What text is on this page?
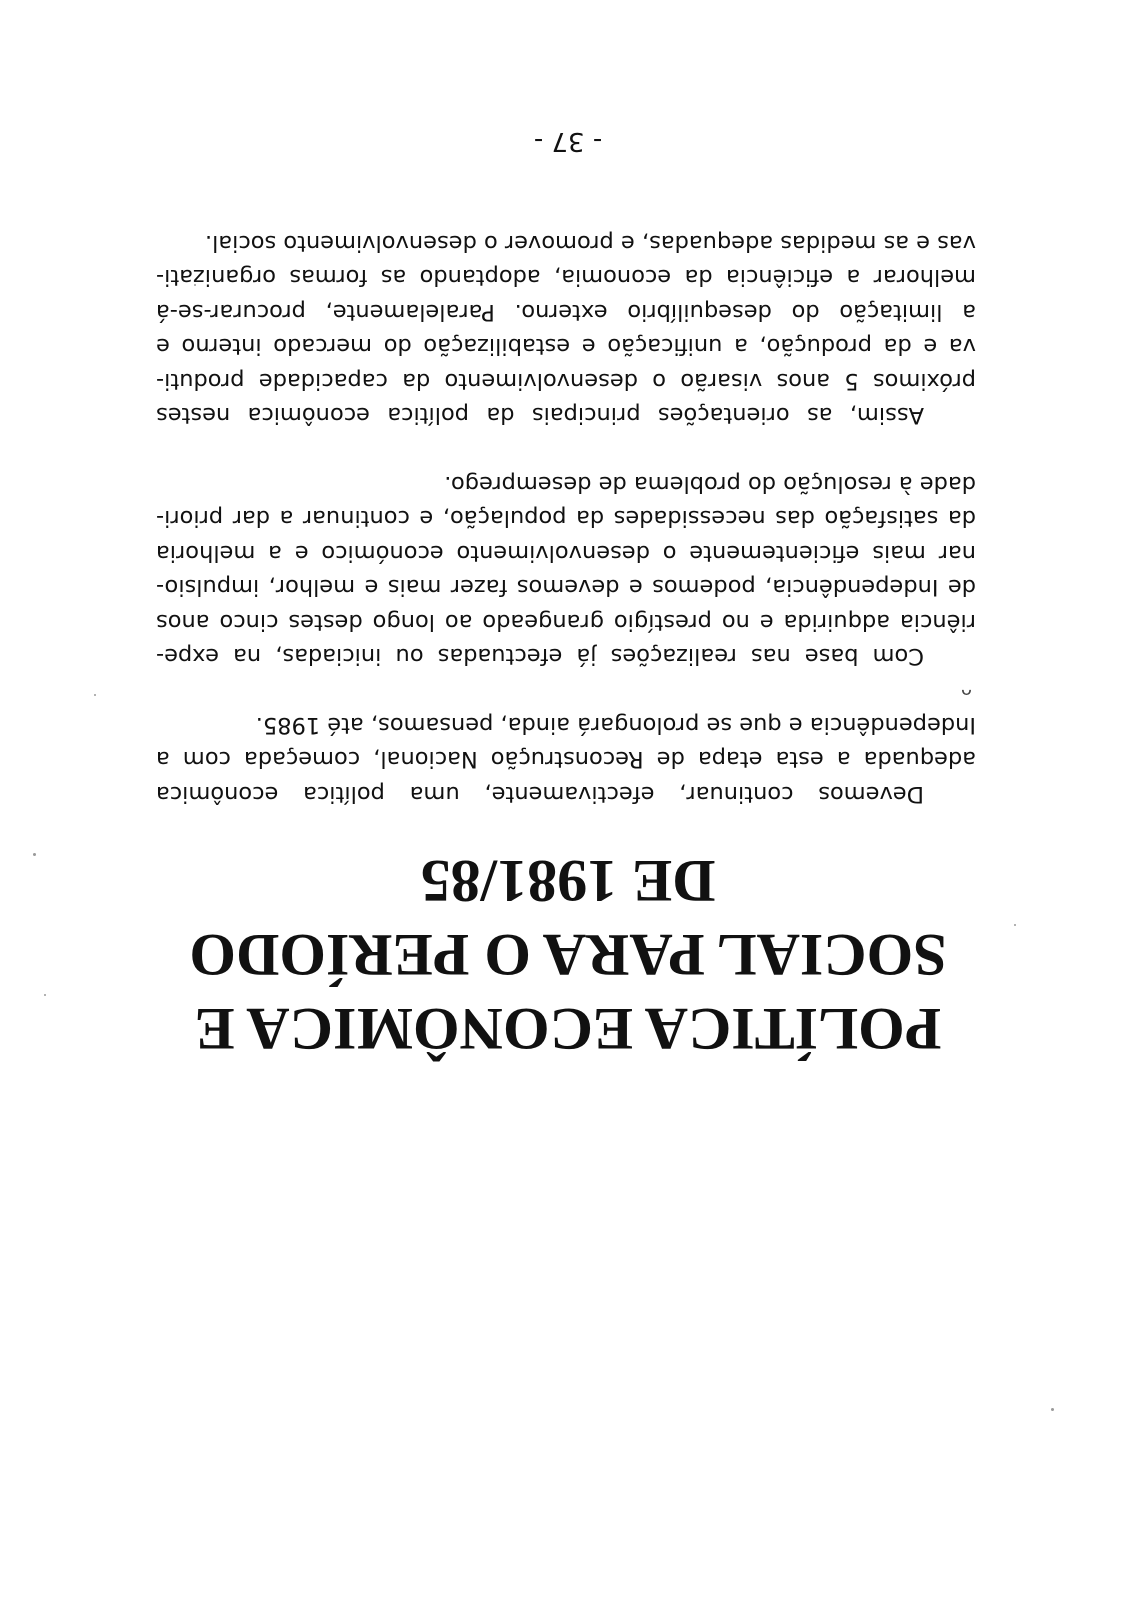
POLÍTICA ECONÔMICA E
SOCIAL PARA O PERÍODO
DE 1981/85
Devemos continuar, efectivamente, uma política econômica
adequada a esta etapa de Reconstrução Nacional, começada com a
Independência e que se prolongará ainda, pensamos, até 1985.
ᴖ
Com base nas realizações já efectuadas ou iniciadas, na expe-
riência adquirida e no prestígio grangeado ao longo destes cinco anos
de Independência, podemos e devemos fazer mais e melhor, impulsio-
nar mais eficientemente o desenvolvimento económico e a melhoria
da satisfação das necessidades da população, e continuar a dar priori-
dade à resolução do problema de desemprego.
Assim, as orientações principais da política econômica nestes
próximos 5 anos visarão o desenvolvimento da capacidade produti-
va e da produção, a unificação e estabilização do mercado interno e
a limitação do desequilíbrio externo. Paralelamente, procurar-se-á
melhorar a eficiência da economia, adoptando as formas organizati-
vas e as medidas adequadas, e promover o desenvolvimento social.
- 37 -
